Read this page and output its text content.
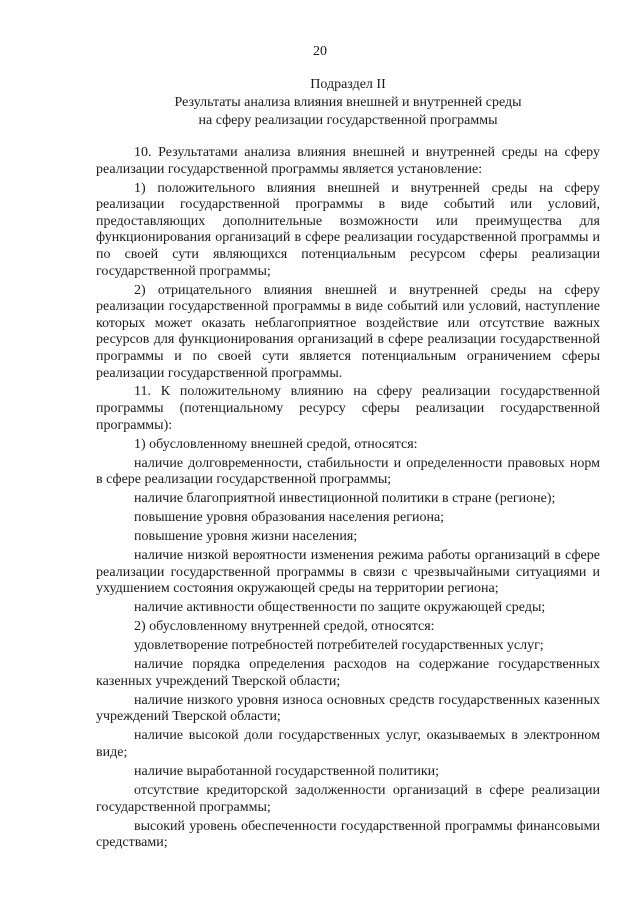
20
Подраздел II
Результаты анализа влияния внешней и внутренней среды
на сферу реализации государственной программы

10. Результатами анализа влияния внешней и внутренней среды на сферу реализации государственной программы является установление:

1) положительного влияния внешней и внутренней среды на сферу реализации государственной программы в виде событий или условий, предоставляющих дополнительные возможности или преимущества для функционирования организаций в сфере реализации государственной программы и по своей сути являющихся потенциальным ресурсом сферы реализации государственной программы;

2) отрицательного влияния внешней и внутренней среды на сферу реализации государственной программы в виде событий или условий, наступление которых может оказать неблагоприятное воздействие или отсутствие важных ресурсов для функционирования организаций в сфере реализации государственной программы и по своей сути является потенциальным ограничением сферы реализации государственной программы.

11. К положительному влиянию на сферу реализации государственной программы (потенциальному ресурсу сферы реализации государственной программы):

1) обусловленному внешней средой, относятся:

наличие долговременности, стабильности и определенности правовых норм в сфере реализации государственной программы;

наличие благоприятной инвестиционной политики в стране (регионе);

повышение уровня образования населения региона;

повышение уровня жизни населения;

наличие низкой вероятности изменения режима работы организаций в сфере реализации государственной программы в связи с чрезвычайными ситуациями и ухудшением состояния окружающей среды на территории региона;

наличие активности общественности по защите окружающей среды;

2) обусловленному внутренней средой, относятся:

удовлетворение потребностей потребителей государственных услуг;

наличие порядка определения расходов на содержание государственных казенных учреждений Тверской области;

наличие низкого уровня износа основных средств государственных казенных учреждений Тверской области;

наличие высокой доли государственных услуг, оказываемых в электронном виде;

наличие выработанной государственной политики;

отсутствие кредиторской задолженности организаций в сфере реализации государственной программы;

высокий уровень обеспеченности государственной программы финансовыми средствами;
